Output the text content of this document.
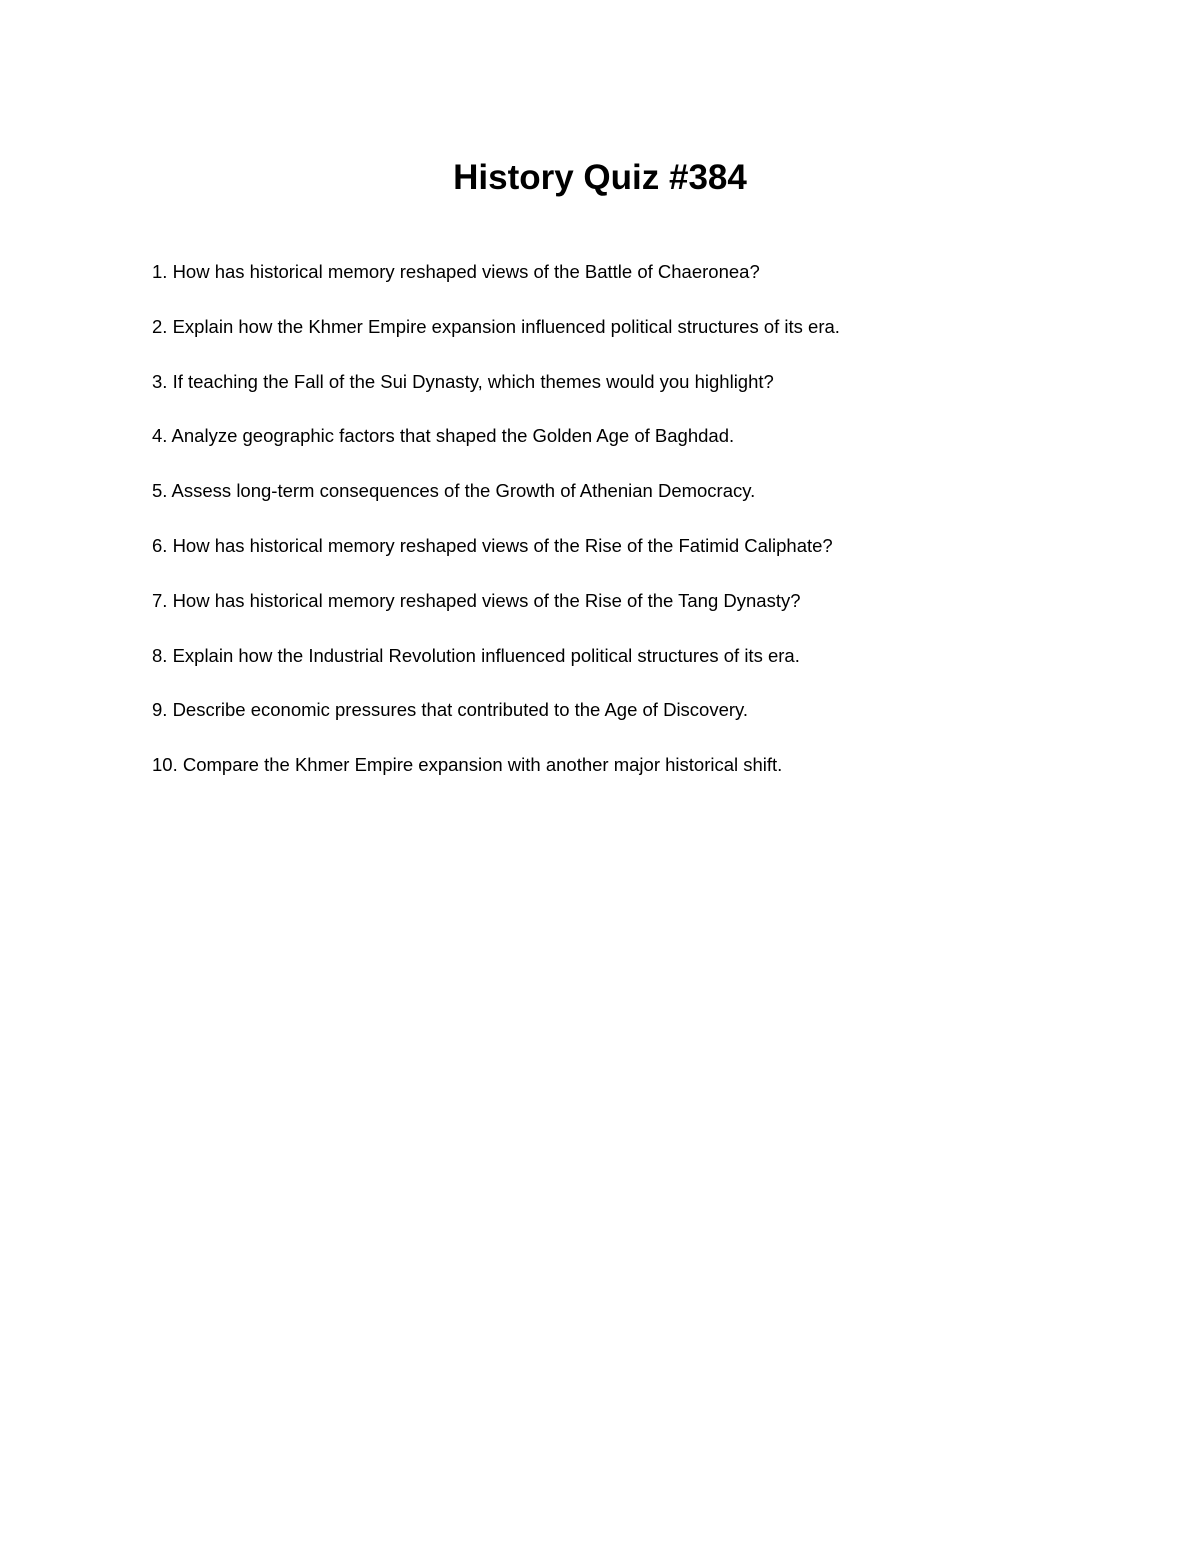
History Quiz #384
1. How has historical memory reshaped views of the Battle of Chaeronea?
2. Explain how the Khmer Empire expansion influenced political structures of its era.
3. If teaching the Fall of the Sui Dynasty, which themes would you highlight?
4. Analyze geographic factors that shaped the Golden Age of Baghdad.
5. Assess long-term consequences of the Growth of Athenian Democracy.
6. How has historical memory reshaped views of the Rise of the Fatimid Caliphate?
7. How has historical memory reshaped views of the Rise of the Tang Dynasty?
8. Explain how the Industrial Revolution influenced political structures of its era.
9. Describe economic pressures that contributed to the Age of Discovery.
10. Compare the Khmer Empire expansion with another major historical shift.
